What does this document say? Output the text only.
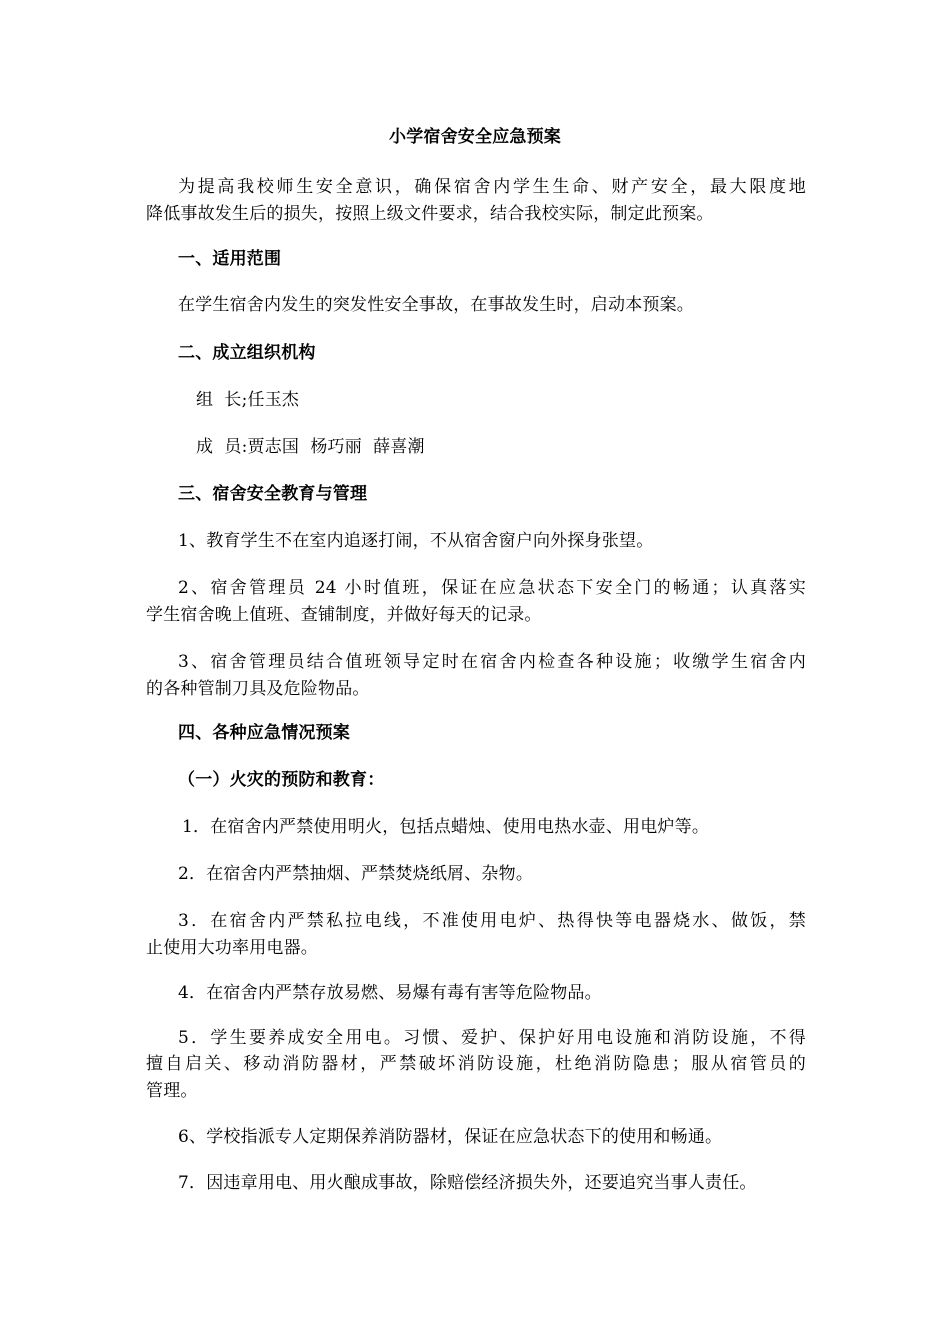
小学宿舍安全应急预案
为提高我校师生安全意识，确保宿舍内学生生命、财产安全，最大限度地
降低事故发生后的损失，按照上级文件要求，结合我校实际，制定此预案。
一、适用范围
在学生宿舍内发生的突发性安全事故，在事故发生时，启动本预案。
二、成立组织机构
组  长;任玉杰
成  员:贾志国  杨巧丽  薛喜潮
三、宿舍安全教育与管理
1、教育学生不在室内追逐打闹，不从宿舍窗户向外探身张望。
2、宿舍管理员 24 小时值班，保证在应急状态下安全门的畅通；认真落实
学生宿舍晚上值班、查铺制度，并做好每天的记录。
3、宿舍管理员结合值班领导定时在宿舍内检查各种设施；收缴学生宿舍内
的各种管制刀具及危险物品。
四、各种应急情况预案
（一）火灾的预防和教育：
1．在宿舍内严禁使用明火，包括点蜡烛、使用电热水壶、用电炉等。
2．在宿舍内严禁抽烟、严禁焚烧纸屑、杂物。
3．在宿舍内严禁私拉电线，不准使用电炉、热得快等电器烧水、做饭，禁
止使用大功率用电器。
4．在宿舍内严禁存放易燃、易爆有毒有害等危险物品。
5．学生要养成安全用电。习惯、爱护、保护好用电设施和消防设施，不得
擅自启关、移动消防器材，严禁破坏消防设施，杜绝消防隐患；服从宿管员的
管理。
6、学校指派专人定期保养消防器材，保证在应急状态下的使用和畅通。
7．因违章用电、用火酿成事故，除赔偿经济损失外，还要追究当事人责任。
